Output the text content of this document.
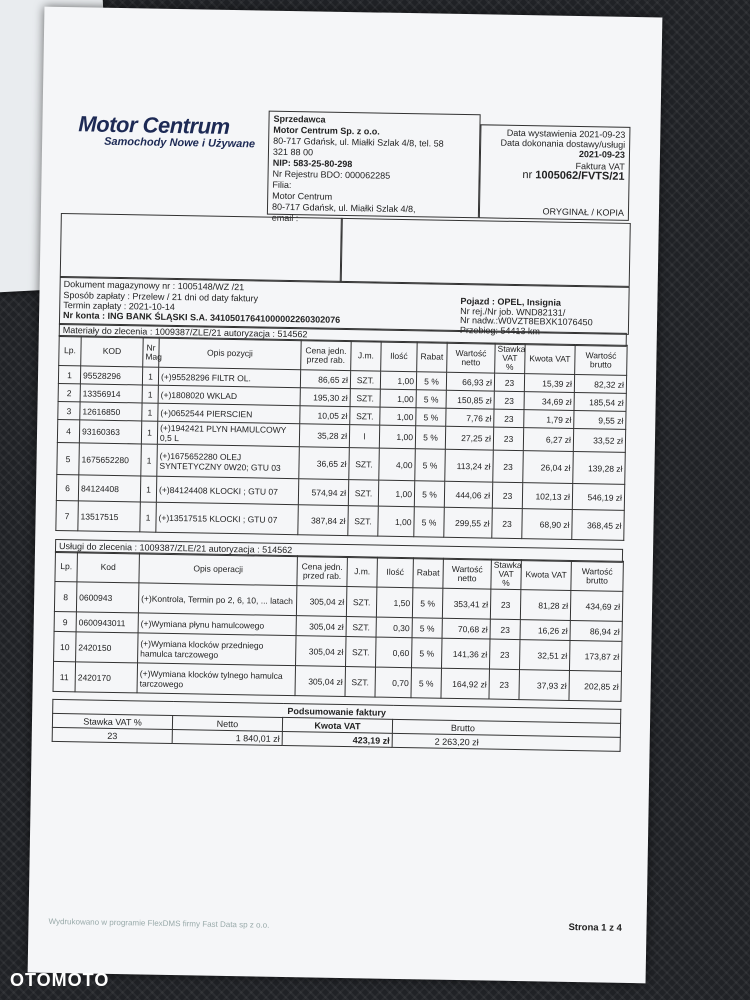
Motor Centrum
Samochody Nowe i Używane
Sprzedawca
Motor Centrum Sp. z o.o.
80-717 Gdańsk, ul. Miałki Szlak 4/8, tel. 58
321 88 00
NIP: 583-25-80-298
Nr Rejestru BDO: 000062285
Filia:
Motor Centrum
80-717 Gdańsk, ul. Miałki Szlak 4/8,
email :
Data wystawienia 2021-09-23
Data dokonania dostawy/usługi
2021-09-23
Faktura VAT
nr 1005062/FVTS/21
ORYGINAŁ / KOPIA
Dokument magazynowy nr : 1005148/WZ /21
Sposób zapłaty : Przelew / 21 dni od daty faktury
Termin zapłaty : 2021-10-14
Nr konta : ING BANK ŚLĄSKI S.A. 34105017641000002260302076
Pojazd : OPEL, Insignia
Nr rej./Nr job. WND82131/
Nr nadw.:W0VZT8EBXK1076450
Przebieg: 54413 km
Materiały do zlecenia : 1009387/ZLE/21 autoryzacja : 514562
Lp.	KOD	Nr Mag	Opis pozycji	Cena jedn. przed rab.	J.m.	Ilość	Rabat	Wartość netto	Stawka VAT %	Kwota VAT	Wartość brutto
1	95528296	1	(+)95528296 FILTR OL.	86,65 zł	SZT.	1,00	5 %	66,93 zł	23	15,39 zł	82,32 zł
2	13356914	1	(+)1808020 WKLAD	195,30 zł	SZT.	1,00	5 %	150,85 zł	23	34,69 zł	185,54 zł
3	12616850	1	(+)0652544 PIERSCIEN	10,05 zł	SZT.	1,00	5 %	7,76 zł	23	1,79 zł	9,55 zł
4	93160363	1	(+)1942421 PLYN HAMULCOWY 0,5 L	35,28 zł	l	1,00	5 %	27,25 zł	23	6,27 zł	33,52 zł
5	1675652280	1	(+)1675652280 OLEJ SYNTETYCZNY 0W20; GTU 03	36,65 zł	SZT.	4,00	5 %	113,24 zł	23	26,04 zł	139,28 zł
6	84124408	1	(+)84124408 KLOCKI ; GTU 07	574,94 zł	SZT.	1,00	5 %	444,06 zł	23	102,13 zł	546,19 zł
7	13517515	1	(+)13517515 KLOCKI ; GTU 07	387,84 zł	SZT.	1,00	5 %	299,55 zł	23	68,90 zł	368,45 zł
Usługi do zlecenia : 1009387/ZLE/21 autoryzacja : 514562
Lp.	Kod	Opis operacji	Cena jedn. przed rab.	J.m.	Ilość	Rabat	Wartość netto	Stawka VAT %	Kwota VAT	Wartość brutto
8	0600943	(+)Kontrola, Termin po 2, 6, 10, ... latach	305,04 zł	SZT.	1,50	5 %	353,41 zł	23	81,28 zł	434,69 zł
9	0600943011	(+)Wymiana płynu hamulcowego	305,04 zł	SZT.	0,30	5 %	70,68 zł	23	16,26 zł	86,94 zł
10	2420150	(+)Wymiana klocków przedniego hamulca tarczowego	305,04 zł	SZT.	0,60	5 %	141,36 zł	23	32,51 zł	173,87 zł
11	2420170	(+)Wymiana klocków tylnego hamulca tarczowego	305,04 zł	SZT.	0,70	5 %	164,92 zł	23	37,93 zł	202,85 zł
Podsumowanie faktury			
Stawka VAT %	Netto	Kwota VAT	Brutto
23	1 840,01 zł	423,19 zł	2 263,20 zł
Wydrukowano w programie FlexDMS firmy Fast Data sp z o.o.	Strona 1 z 4
OTOMOTO
